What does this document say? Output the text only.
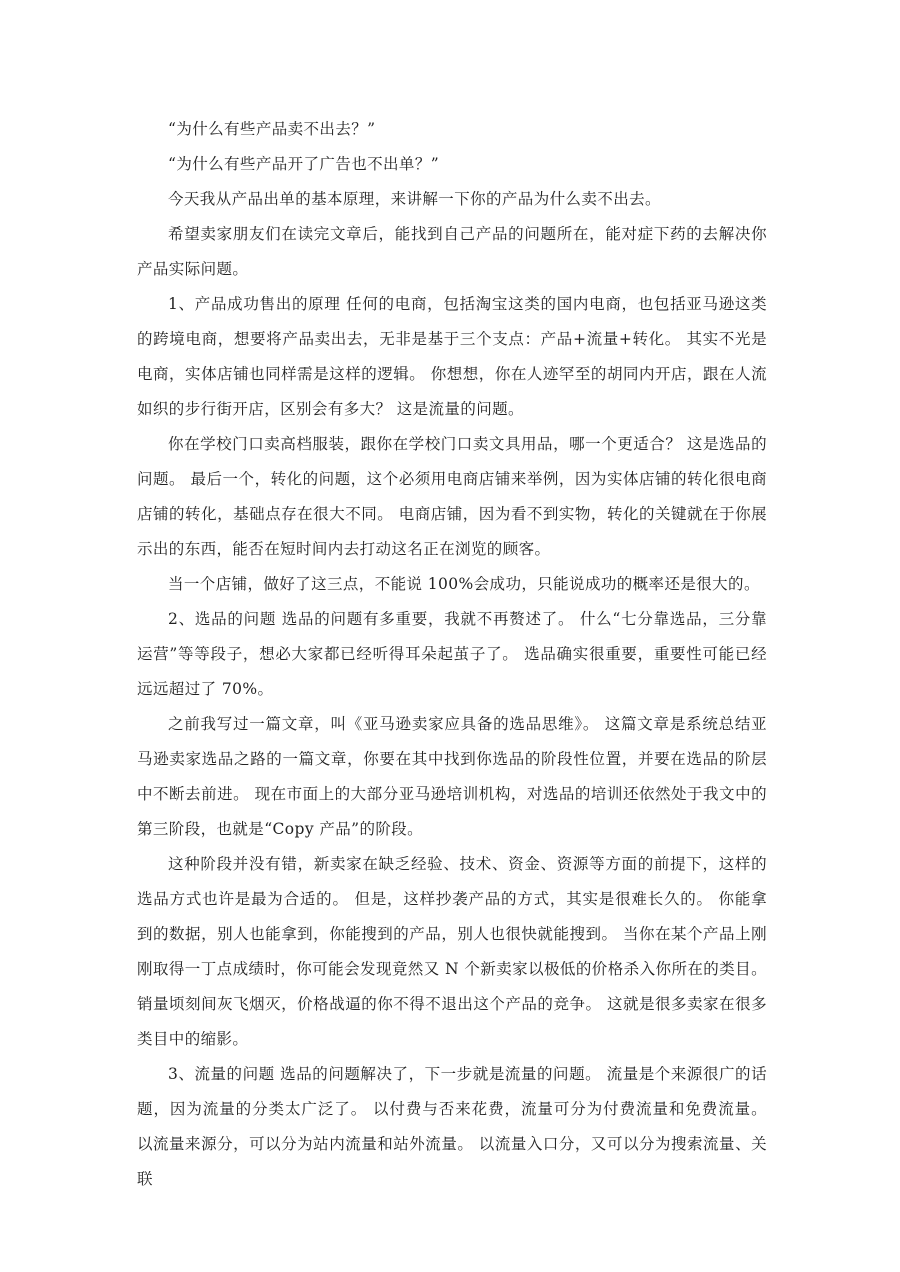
“为什么有些产品卖不出去？”

“为什么有些产品开了广告也不出单？”

今天我从产品出单的基本原理，来讲解一下你的产品为什么卖不出去。

希望卖家朋友们在读完文章后，能找到自己产品的问题所在，能对症下药的去解决你产品实际问题。

1、产品成功售出的原理 任何的电商，包括淘宝这类的国内电商，也包括亚马逊这类的跨境电商，想要将产品卖出去，无非是基于三个支点：产品+流量+转化。 其实不光是电商，实体店铺也同样需是这样的逻辑。 你想想，你在人迹罕至的胡同内开店，跟在人流如织的步行街开店，区别会有多大？ 这是流量的问题。

你在学校门口卖高档服装，跟你在学校门口卖文具用品，哪一个更适合？ 这是选品的问题。 最后一个，转化的问题，这个必须用电商店铺来举例，因为实体店铺的转化很电商店铺的转化，基础点存在很大不同。 电商店铺，因为看不到实物，转化的关键就在于你展示出的东西，能否在短时间内去打动这名正在浏览的顾客。

当一个店铺，做好了这三点，不能说 100%会成功，只能说成功的概率还是很大的。

2、选品的问题 选品的问题有多重要，我就不再赘述了。 什么“七分靠选品，三分靠运营”等等段子，想必大家都已经听得耳朵起茧子了。 选品确实很重要，重要性可能已经远远超过了 70%。

之前我写过一篇文章，叫《亚马逊卖家应具备的选品思维》。 这篇文章是系统总结亚马逊卖家选品之路的一篇文章，你要在其中找到你选品的阶段性位置，并要在选品的阶层中不断去前进。 现在市面上的大部分亚马逊培训机构，对选品的培训还依然处于我文中的第三阶段，也就是“Copy 产品”的阶段。

这种阶段并没有错，新卖家在缺乏经验、技术、资金、资源等方面的前提下，这样的选品方式也许是最为合适的。 但是，这样抄袭产品的方式，其实是很难长久的。 你能拿到的数据，别人也能拿到，你能搜到的产品，别人也很快就能搜到。 当你在某个产品上刚刚取得一丁点成绩时，你可能会发现竟然又 N 个新卖家以极低的价格杀入你所在的类目。 销量顷刻间灰飞烟灭，价格战逼的你不得不退出这个产品的竞争。 这就是很多卖家在很多类目中的缩影。

3、流量的问题 选品的问题解决了，下一步就是流量的问题。 流量是个来源很广的话题，因为流量的分类太广泛了。 以付费与否来花费，流量可分为付费流量和免费流量。 以流量来源分，可以分为站内流量和站外流量。 以流量入口分，又可以分为搜索流量、关联
